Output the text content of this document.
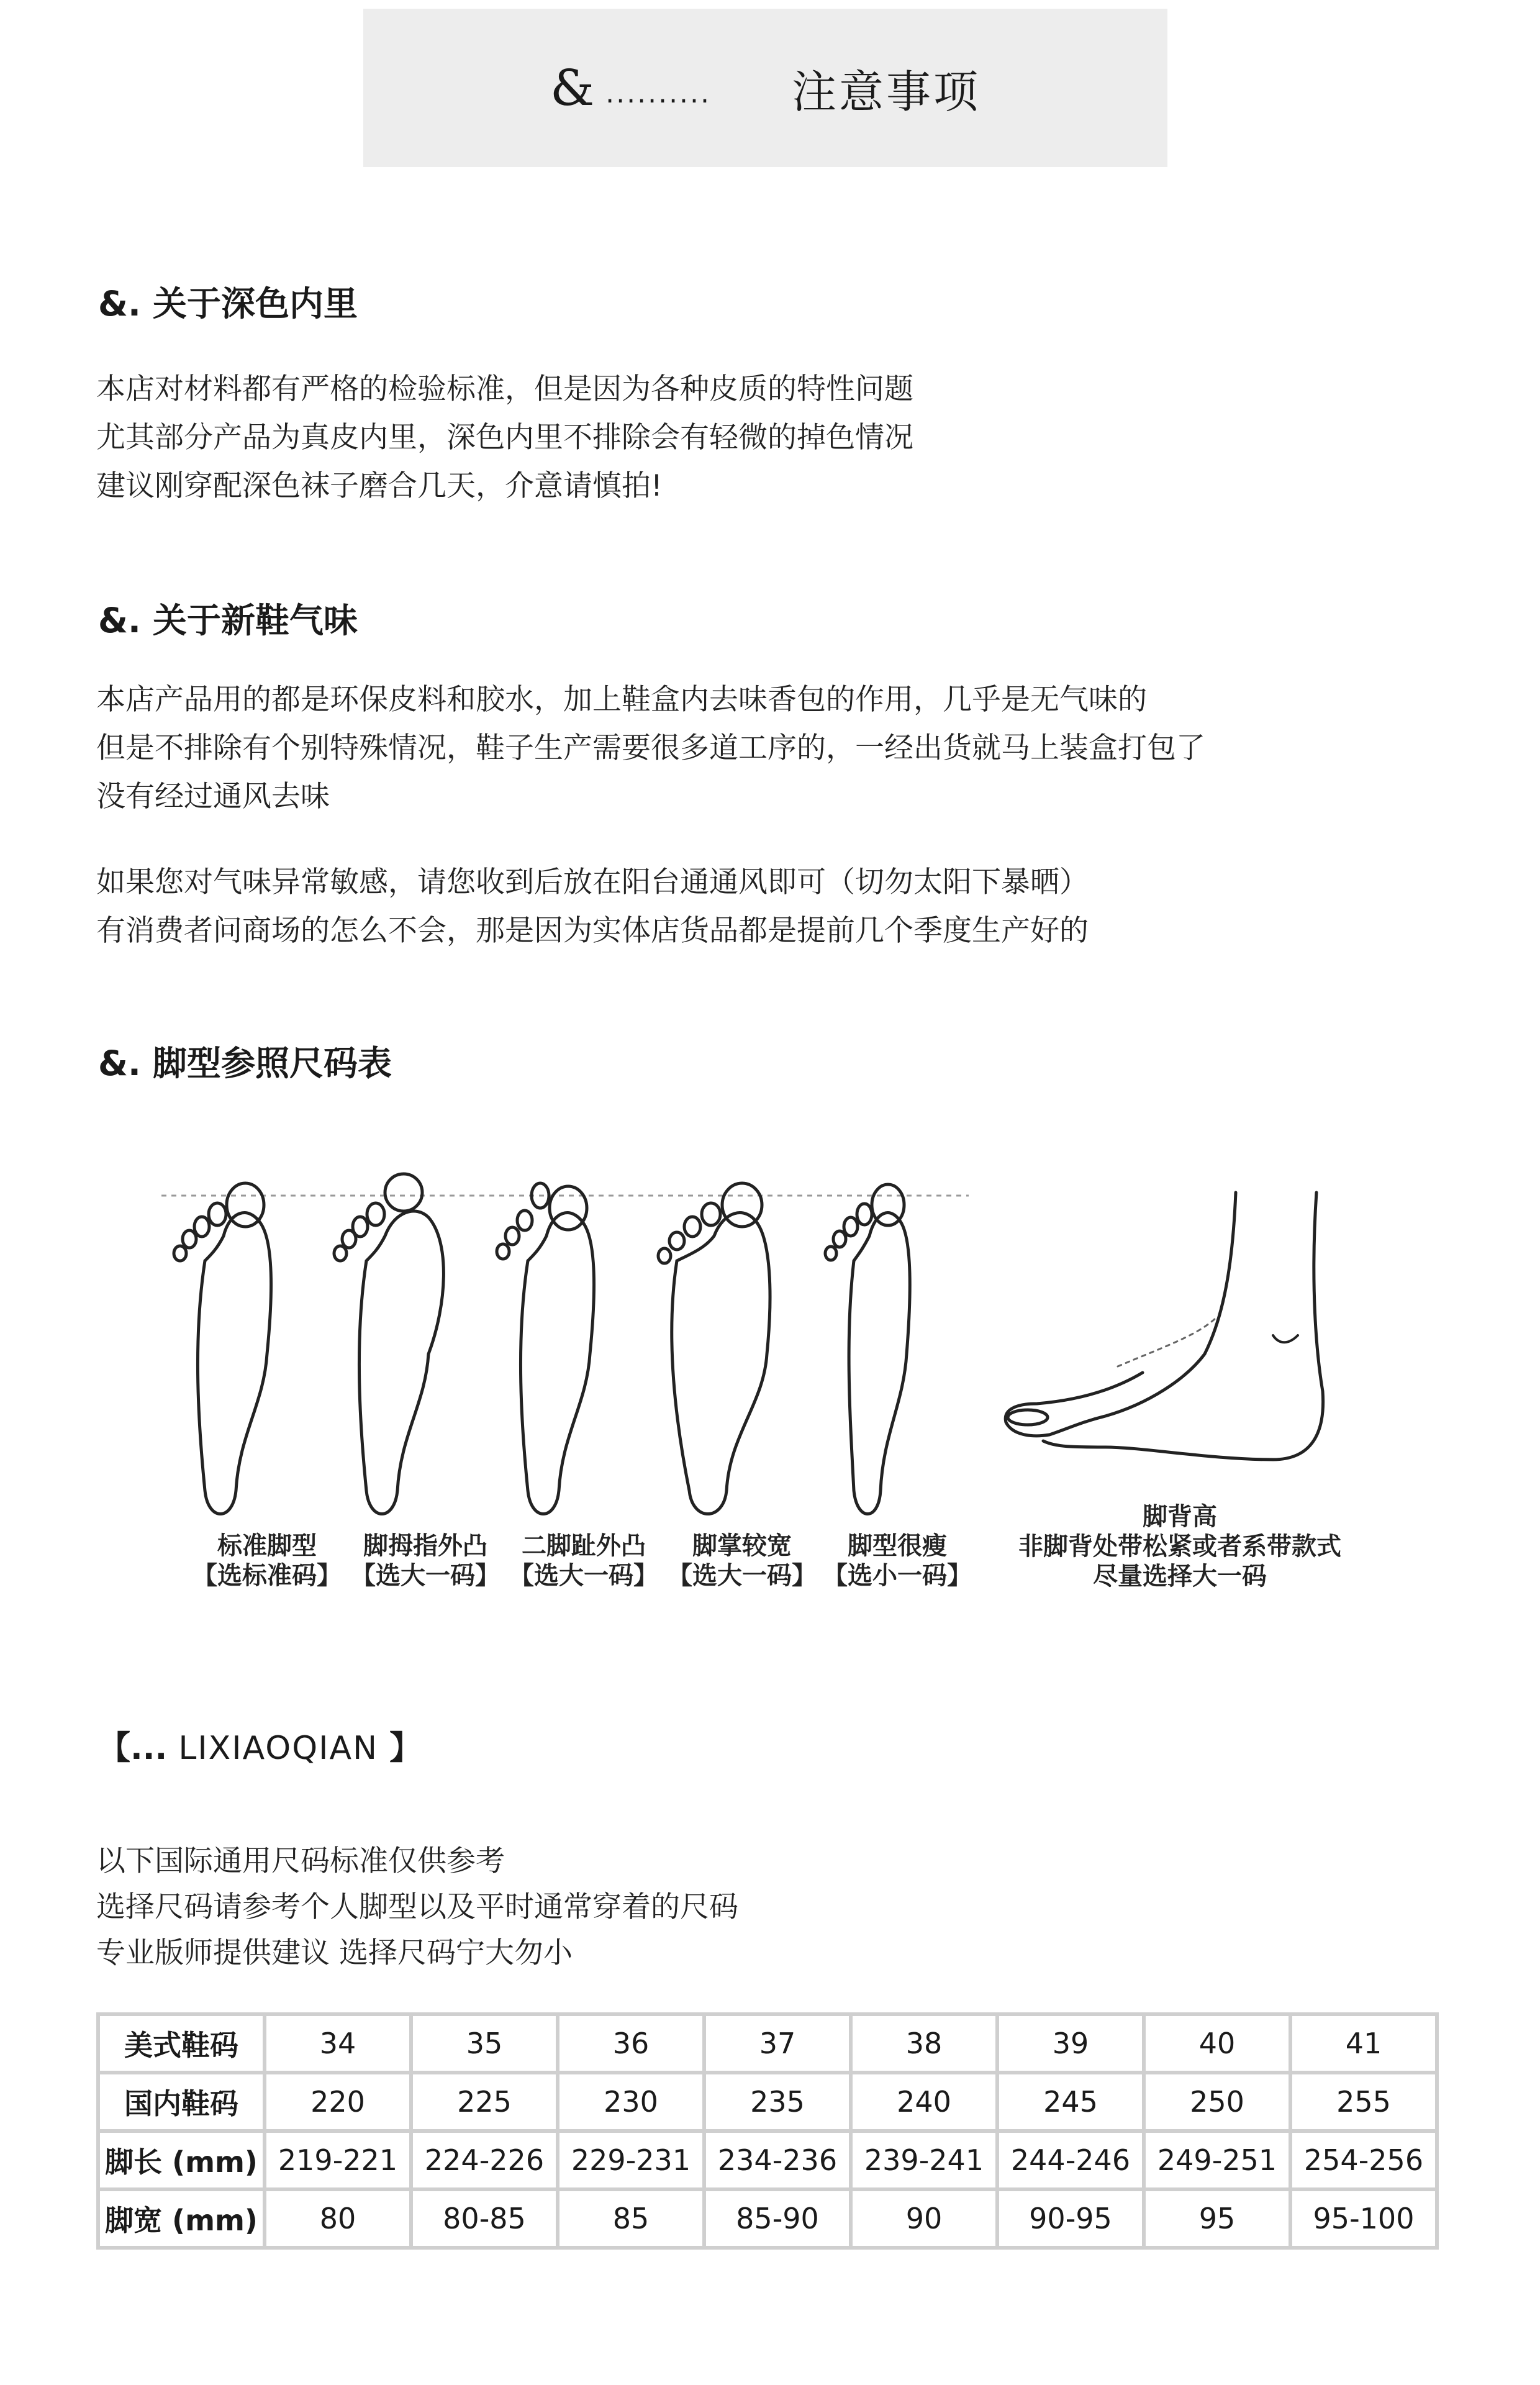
& .......... 注意事项
&. 关于深色内里
本店对材料都有严格的检验标准，但是因为各种皮质的特性问题
尤其部分产品为真皮内里，深色内里不排除会有轻微的掉色情况
建议刚穿配深色袜子磨合几天，介意请慎拍!
&. 关于新鞋气味
本店产品用的都是环保皮料和胶水，加上鞋盒内去味香包的作用，几乎是无气味的
但是不排除有个别特殊情况，鞋子生产需要很多道工序的，一经出货就马上装盒打包了
没有经过通风去味
如果您对气味异常敏感，请您收到后放在阳台通通风即可（切勿太阳下暴晒）
有消费者问商场的怎么不会，那是因为实体店货品都是提前几个季度生产好的
&. 脚型参照尺码表
标准脚型
【选标准码】
脚拇指外凸
【选大一码】
二脚趾外凸
【选大一码】
脚掌较宽
【选大一码】
脚型很瘦
【选小一码】
脚背高
非脚背处带松紧或者系带款式
尽量选择大一码
【... LIXIAOQIAN 】
以下国际通用尺码标准仅供参考
选择尺码请参考个人脚型以及平时通常穿着的尺码
专业版师提供建议 选择尺码宁大勿小
美式鞋码	34	35	36	37	38	39	40	41
国内鞋码	220	225	230	235	240	245	250	255
脚长 (mm)	219-221	224-226	229-231	234-236	239-241	244-246	249-251	254-256
脚宽 (mm)	80	80-85	85	85-90	90	90-95	95	95-100
